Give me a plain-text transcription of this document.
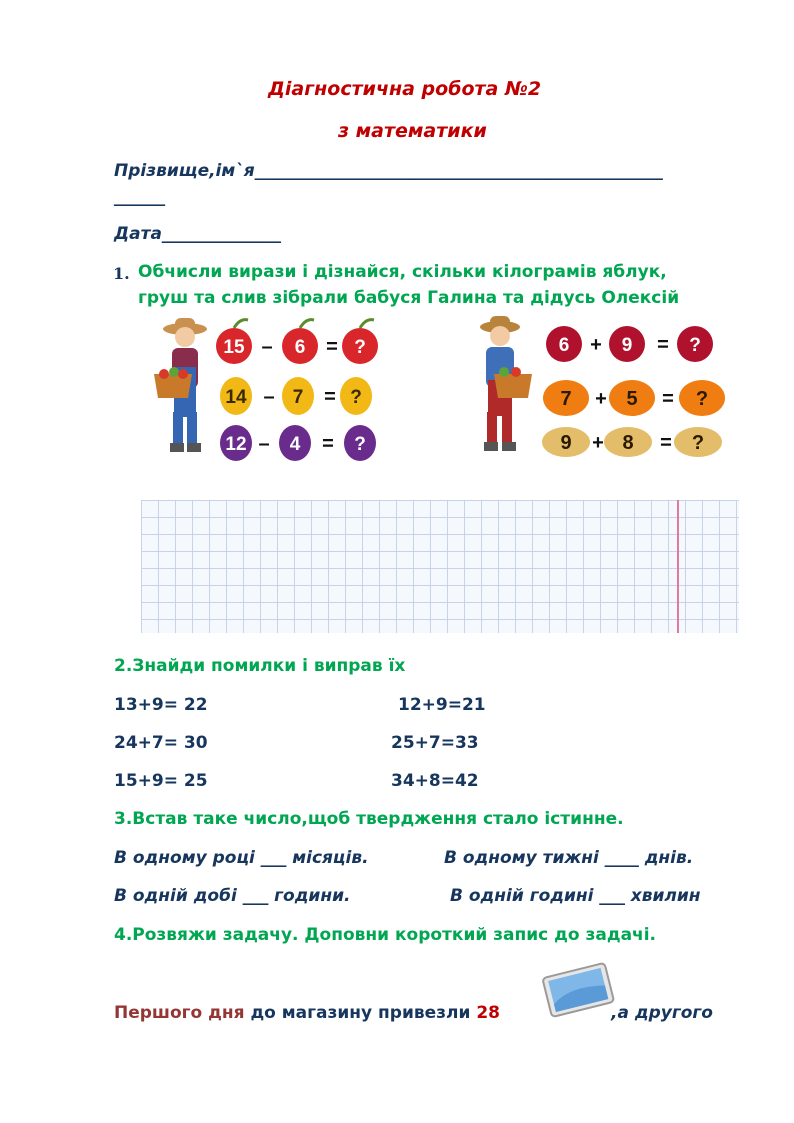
Діагностична робота №2
з математики
Прізвище,ім`я________________________________________________
______
Дата______________
1. Обчисли вирази і дізнайся, скільки кілограмів яблук,
груш та слив зібрали бабуся Галина та дідусь Олексій
15 – 6 = ?
14 – 7 = ?
12 – 4 = ?
6 + 9 = ?
7 + 5 = ?
9 + 8 = ?
2.Знайди помилки і виправ їх
13+9= 22	12+9=21
24+7= 30	25+7=33
15+9= 25	34+8=42
3.Встав таке число,щоб твердження стало істинне.
В одному році ___ місяців.	В одному тижні ____ днів.
В одній добі ___ години.	В одній годині ___ хвилин
4.Розвяжи задачу. Доповни короткий запис до задачі.
Першого дня до магазину привезли 28	,а другого
